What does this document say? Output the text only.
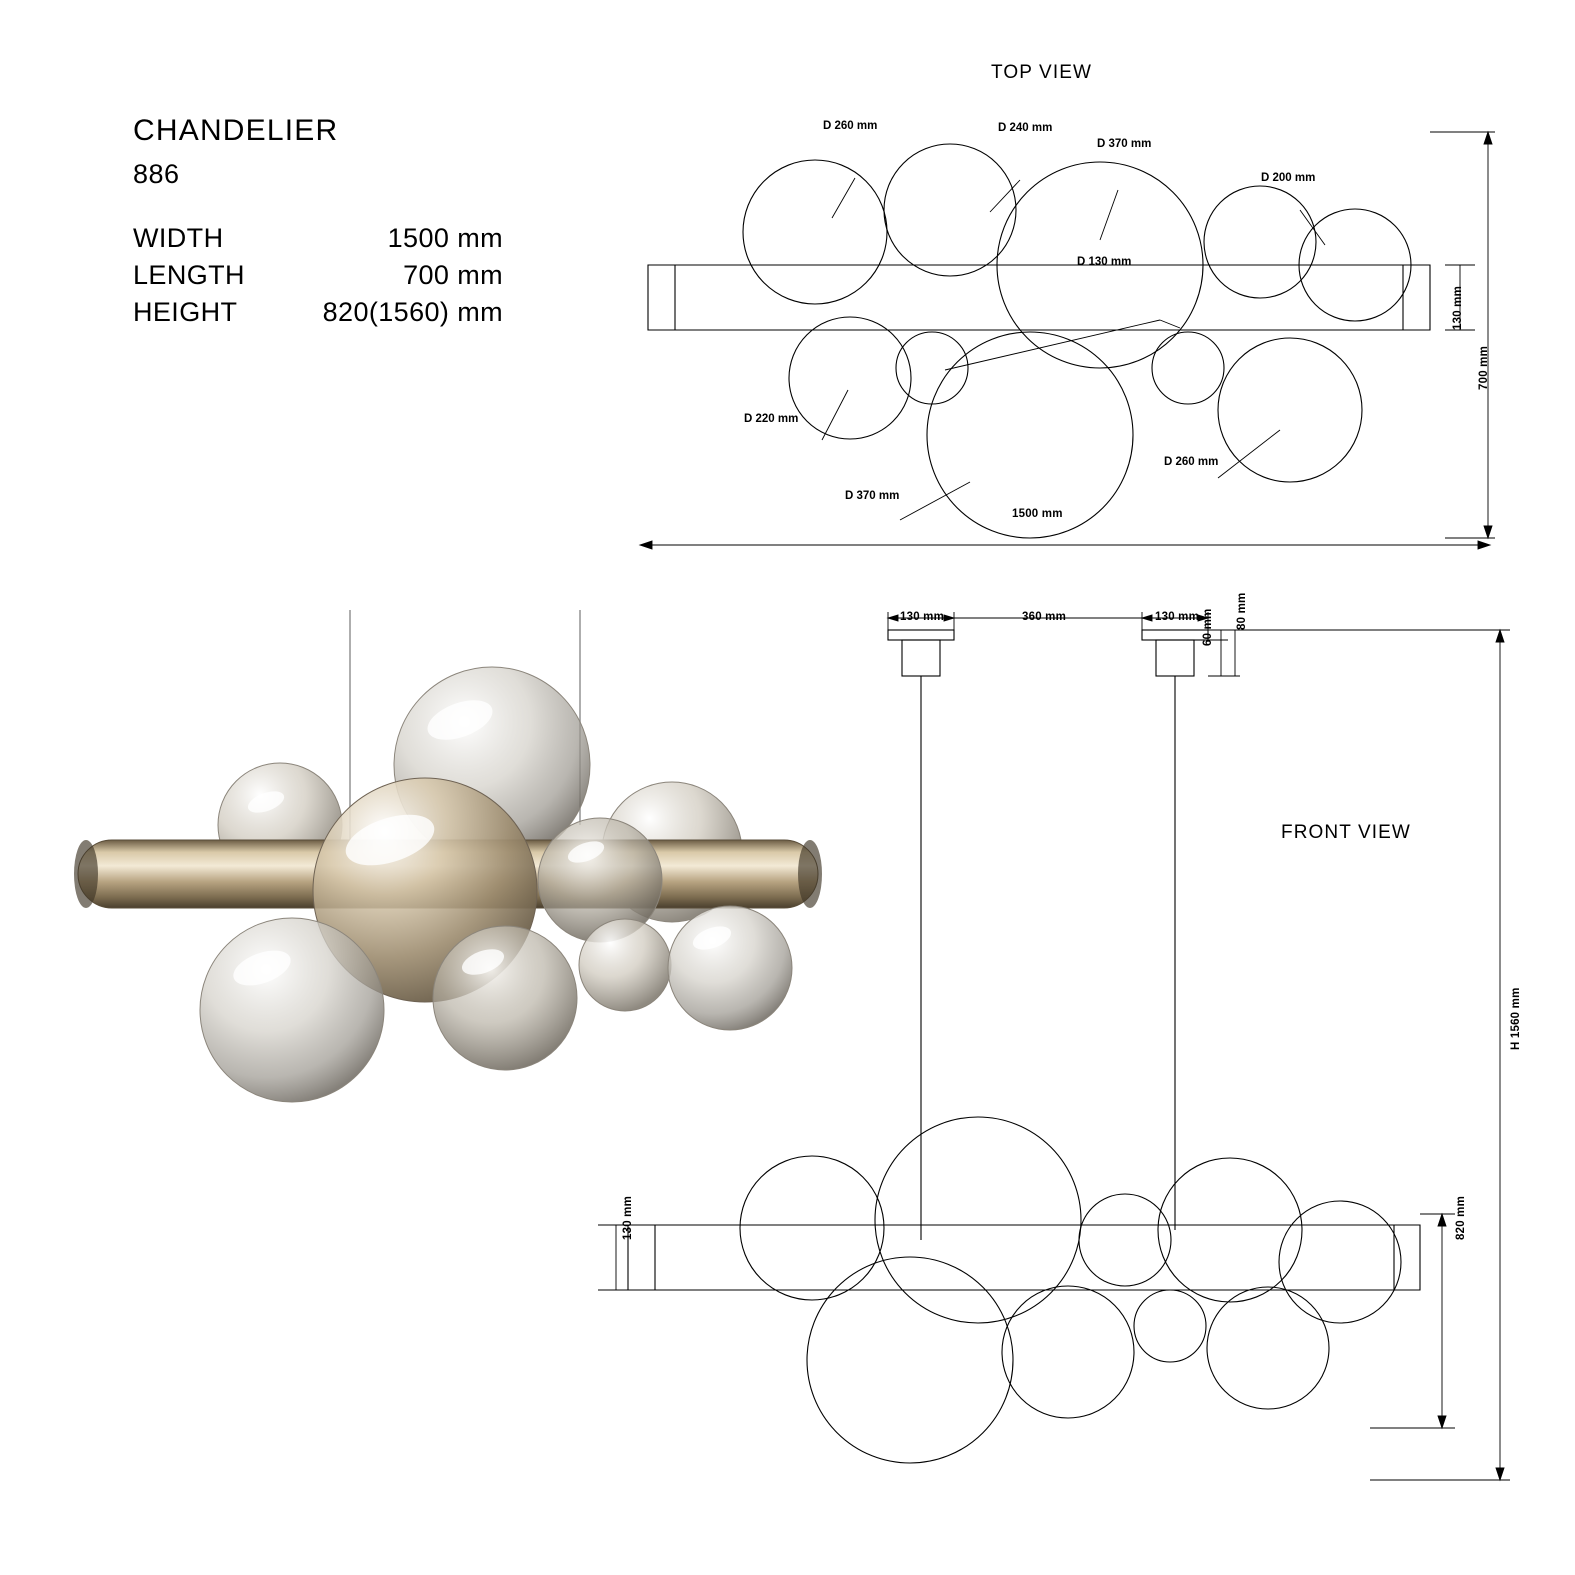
CHANDELIER
886
WIDTH	1500 mm
LENGTH	700 mm
HEIGHT	820(1560) mm
TOP VIEW
D 260 mm	D 240 mm
D 370 mm
D 200 mm
D 130 mm
D 220 mm
D 260 mm
D 370 mm
1500 mm
130 mm
700 mm
FRONT VIEW
130 mm	360 mm	130 mm	80 mm
60 mm
H 1560 mm
820 mm
130 mm
